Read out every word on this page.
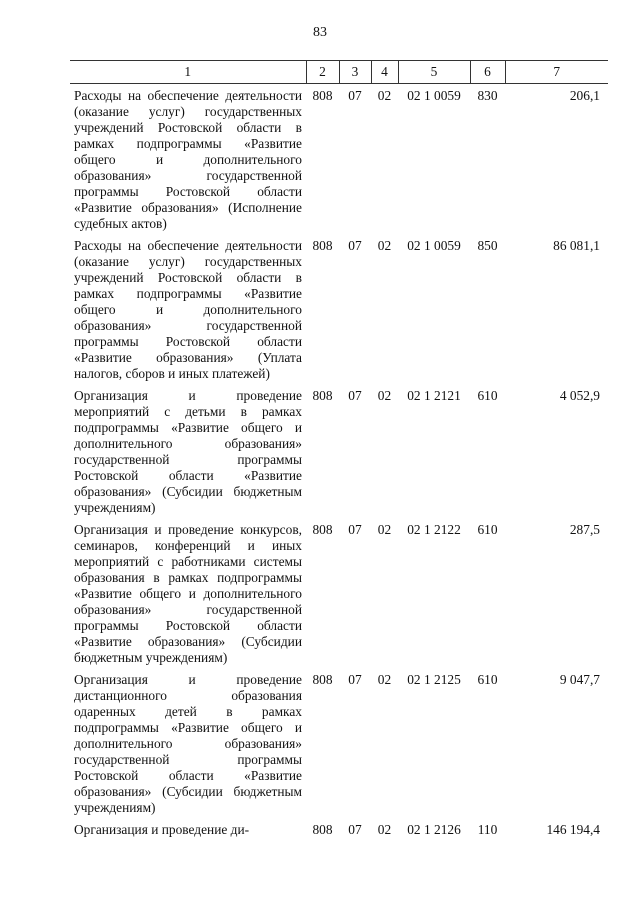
83
1	2	3	4	5	6	7
Расходы на обеспечение деятельности (оказание услуг) государственных учреждений Ростовской области в рамках подпрограммы «Развитие общего и дополнительного образования» государственной программы Ростовской области «Развитие образования» (Исполнение судебных актов)	808	07	02	02 1 0059	830	206,1
Расходы на обеспечение деятельности (оказание услуг) государственных учреждений Ростовской области в рамках подпрограммы «Развитие общего и дополнительного образования» государственной программы Ростовской области «Развитие образования» (Уплата налогов, сборов и иных платежей)	808	07	02	02 1 0059	850	86 081,1
Организация и проведение мероприятий с детьми в рамках подпрограммы «Развитие общего и дополнительного образования» государственной программы Ростовской области «Развитие образования» (Субсидии бюджетным учреждениям)	808	07	02	02 1 2121	610	4 052,9
Организация и проведение конкурсов, семинаров, конференций и иных мероприятий с работниками системы образования в рамках подпрограммы «Развитие общего и дополнительного образования» государственной программы Ростовской области «Развитие образования» (Субсидии бюджетным учреждениям)	808	07	02	02 1 2122	610	287,5
Организация и проведение дистанционного образования одаренных детей в рамках подпрограммы «Развитие общего и дополнительного образования» государственной программы Ростовской области «Развитие образования» (Субсидии бюджетным учреждениям)	808	07	02	02 1 2125	610	9 047,7
Организация и проведение ди-	808	07	02	02 1 2126	110	146 194,4
